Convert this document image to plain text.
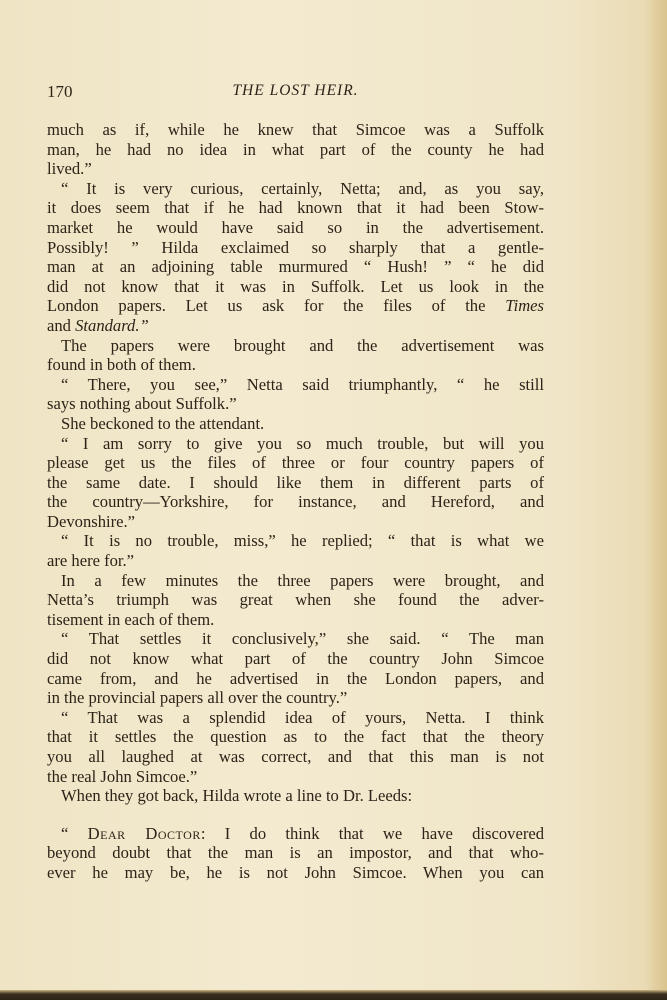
170	THE LOST HEIR.
much as if, while he knew that Simcoe was a Suffolk
man, he had no idea in what part of the county he had
lived.”
“ It is very curious, certainly, Netta; and, as you say,
it does seem that if he had known that it had been Stow-
market he would have said so in the advertisement.
Possibly! ” Hilda exclaimed so sharply that a gentle-
man at an adjoining table murmured “ Hush! ” “ he did
did not know that it was in Suffolk. Let us look in the
London papers. Let us ask for the files of the Times
and Standard.”
The papers were brought and the advertisement was
found in both of them.
“ There, you see,” Netta said triumphantly, “ he still
says nothing about Suffolk.”
She beckoned to the attendant.
“ I am sorry to give you so much trouble, but will you
please get us the files of three or four country papers of
the same date. I should like them in different parts of
the country—Yorkshire, for instance, and Hereford, and
Devonshire.”
“ It is no trouble, miss,” he replied; “ that is what we
are here for.”
In a few minutes the three papers were brought, and
Netta’s triumph was great when she found the adver-
tisement in each of them.
“ That settles it conclusively,” she said. “ The man
did not know what part of the country John Simcoe
came from, and he advertised in the London papers, and
in the provincial papers all over the country.”
“ That was a splendid idea of yours, Netta. I think
that it settles the question as to the fact that the theory
you all laughed at was correct, and that this man is not
the real John Simcoe.”
When they got back, Hilda wrote a line to Dr. Leeds:
“ Dear Doctor: I do think that we have discovered
beyond doubt that the man is an impostor, and that who-
ever he may be, he is not John Simcoe. When you can
